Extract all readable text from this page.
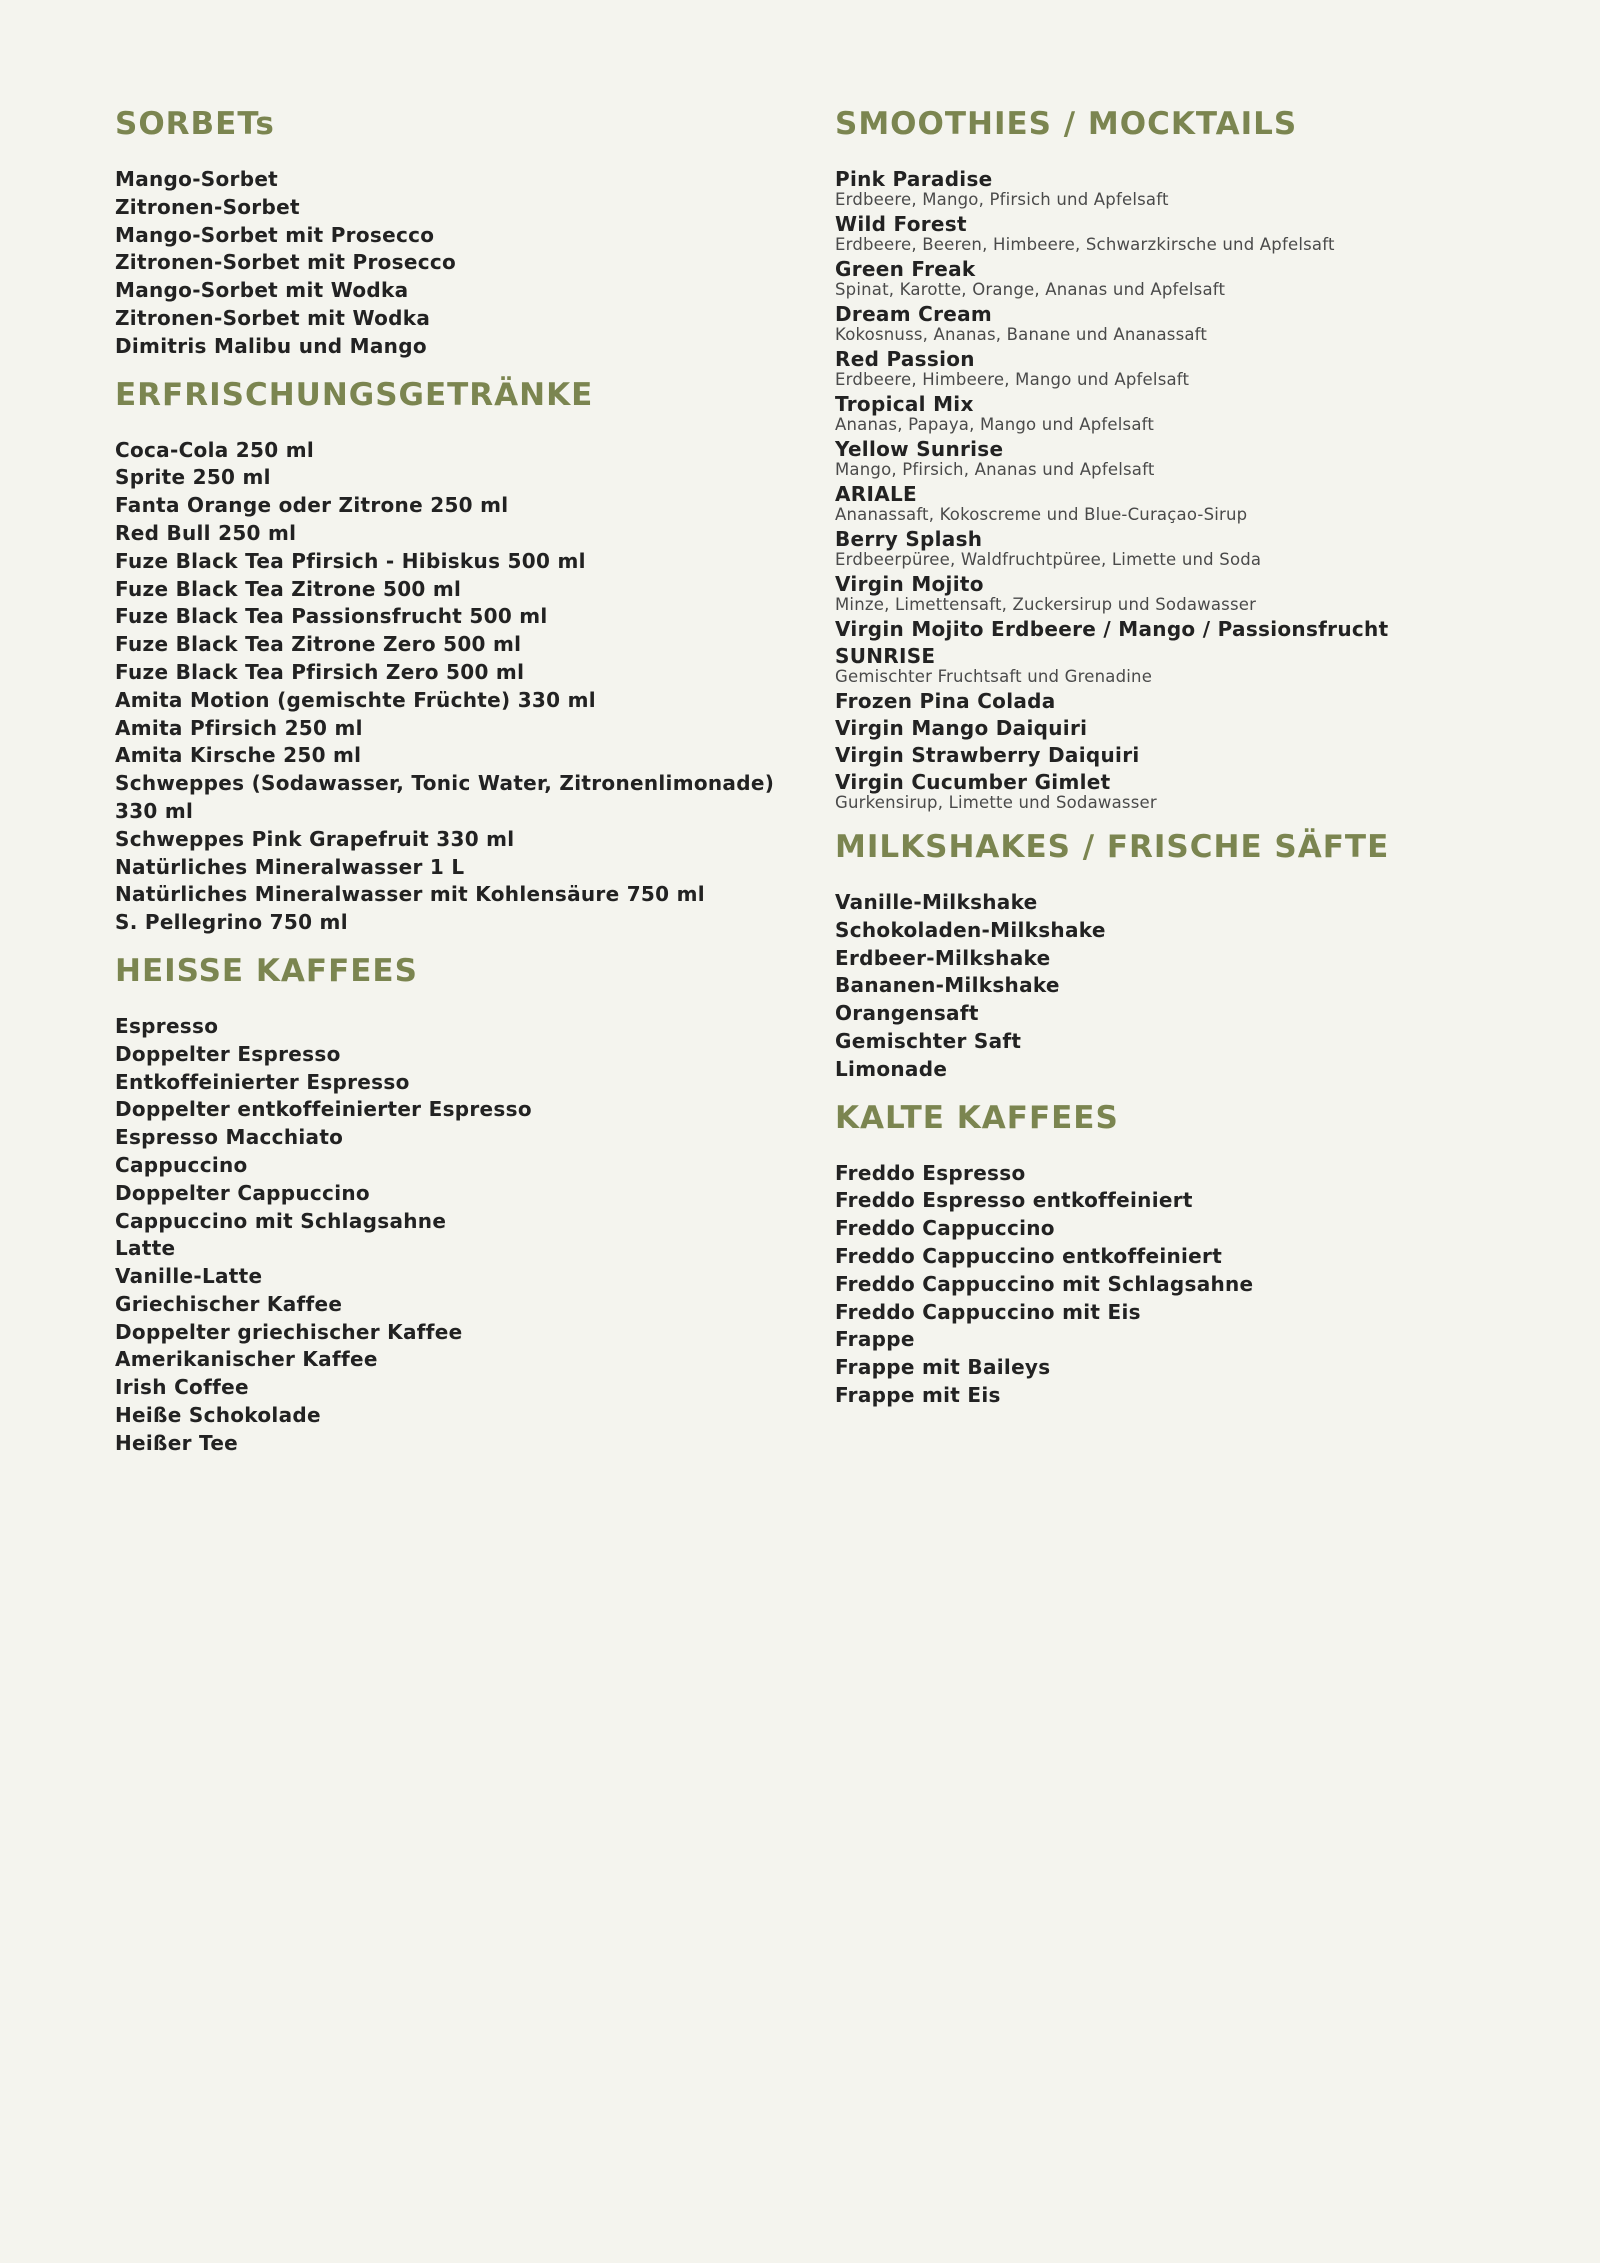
SORBETs
Mango-Sorbet
Zitronen-Sorbet
Mango-Sorbet mit Prosecco
Zitronen-Sorbet mit Prosecco
Mango-Sorbet mit Wodka
Zitronen-Sorbet mit Wodka
Dimitris Malibu und Mango
ERFRISCHUNGSGETRÄNKE
Coca-Cola 250 ml
Sprite 250 ml
Fanta Orange oder Zitrone 250 ml
Red Bull 250 ml
Fuze Black Tea Pfirsich - Hibiskus 500 ml
Fuze Black Tea Zitrone 500 ml
Fuze Black Tea Passionsfrucht 500 ml
Fuze Black Tea Zitrone Zero 500 ml
Fuze Black Tea Pfirsich Zero 500 ml
Amita Motion (gemischte Früchte) 330 ml
Amita Pfirsich 250 ml
Amita Kirsche 250 ml
Schweppes (Sodawasser, Tonic Water, Zitronenlimonade) 330 ml
Schweppes Pink Grapefruit 330 ml
Natürliches Mineralwasser 1 L
Natürliches Mineralwasser mit Kohlensäure 750 ml
S. Pellegrino 750 ml
HEISSE KAFFEES
Espresso
Doppelter Espresso
Entkoffeinierter Espresso
Doppelter entkoffeinierter Espresso
Espresso Macchiato
Cappuccino
Doppelter Cappuccino
Cappuccino mit Schlagsahne
Latte
Vanille-Latte
Griechischer Kaffee
Doppelter griechischer Kaffee
Amerikanischer Kaffee
Irish Coffee
Heiße Schokolade
Heißer Tee
SMOOTHIES / MOCKTAILS
Pink Paradise
Erdbeere, Mango, Pfirsich und Apfelsaft
Wild Forest
Erdbeere, Beeren, Himbeere, Schwarzkirsche und Apfelsaft
Green Freak
Spinat, Karotte, Orange, Ananas und Apfelsaft
Dream Cream
Kokosnuss, Ananas, Banane und Ananassaft
Red Passion
Erdbeere, Himbeere, Mango und Apfelsaft
Tropical Mix
Ananas, Papaya, Mango und Apfelsaft
Yellow Sunrise
Mango, Pfirsich, Ananas und Apfelsaft
ARIALE
Ananassaft, Kokoscreme und Blue-Curaçao-Sirup
Berry Splash
Erdbeerpüree, Waldfruchtpüree, Limette und Soda
Virgin Mojito
Minze, Limettensaft, Zuckersirup und Sodawasser
Virgin Mojito Erdbeere / Mango / Passionsfrucht
SUNRISE
Gemischter Fruchtsaft und Grenadine
Frozen Pina Colada
Virgin Mango Daiquiri
Virgin Strawberry Daiquiri
Virgin Cucumber Gimlet
Gurkensirup, Limette und Sodawasser
MILKSHAKES / FRISCHE SÄFTE
Vanille-Milkshake
Schokoladen-Milkshake
Erdbeer-Milkshake
Bananen-Milkshake
Orangensaft
Gemischter Saft
Limonade
KALTE KAFFEES
Freddo Espresso
Freddo Espresso entkoffeiniert
Freddo Cappuccino
Freddo Cappuccino entkoffeiniert
Freddo Cappuccino mit Schlagsahne
Freddo Cappuccino mit Eis
Frappe
Frappe mit Baileys
Frappe mit Eis
